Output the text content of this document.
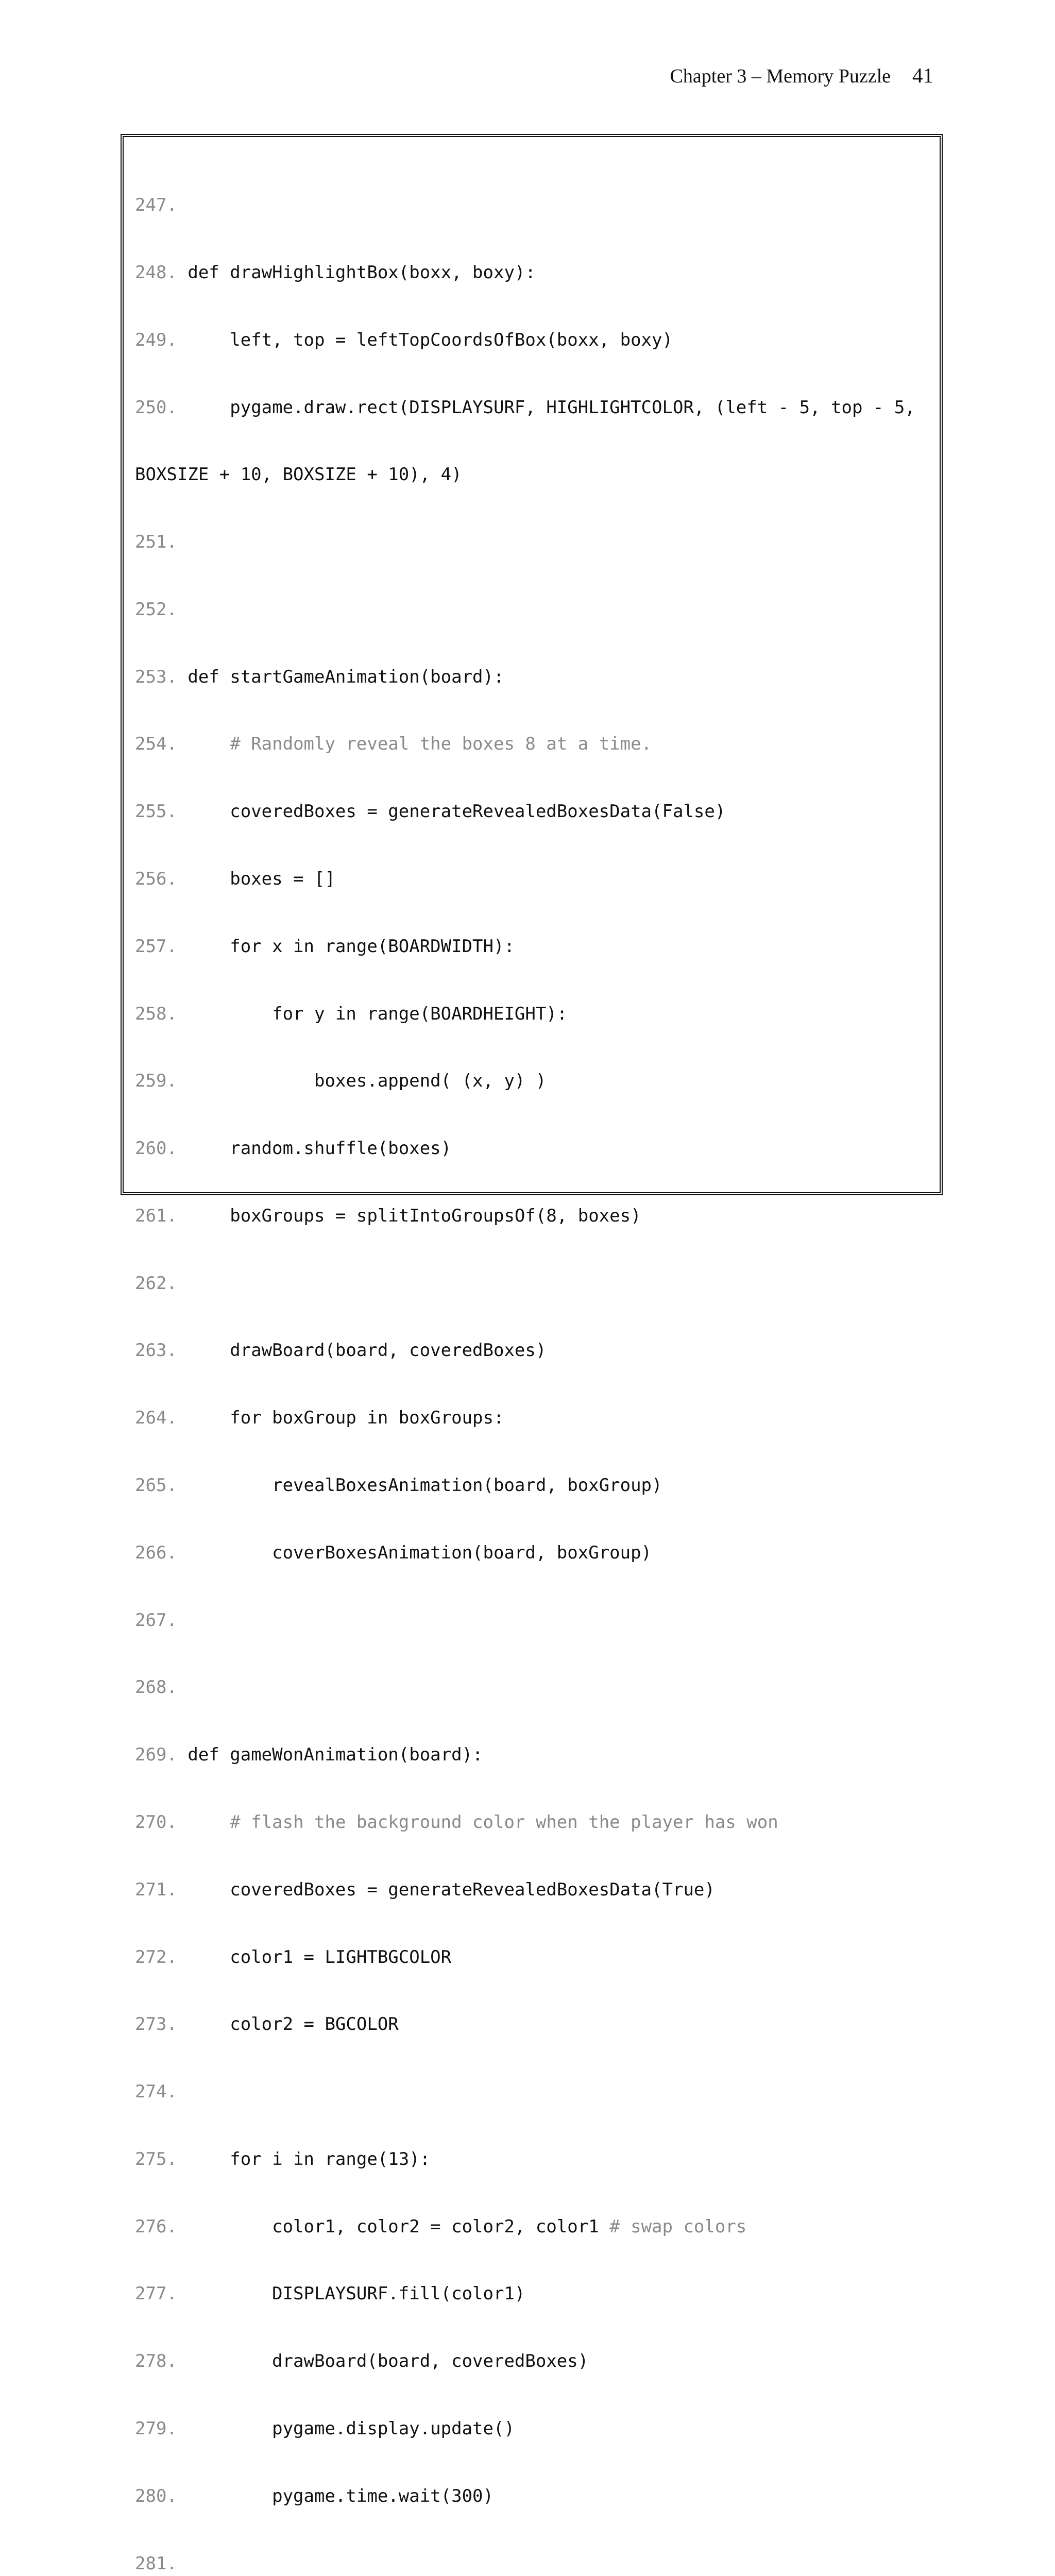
Chapter 3 – Memory Puzzle 41

247.

248. def drawHighlightBox(boxx, boxy):

249.     left, top = leftTopCoordsOfBox(boxx, boxy)

250.     pygame.draw.rect(DISPLAYSURF, HIGHLIGHTCOLOR, (left - 5, top - 5,

BOXSIZE + 10, BOXSIZE + 10), 4)

251.

252.

253. def startGameAnimation(board):

254.	# Randomly reveal the boxes 8 at a time.

255.     coveredBoxes = generateRevealedBoxesData(False)

256.     boxes = []

257.     for x in range(BOARDWIDTH):

258.         for y in range(BOARDHEIGHT):

259.             boxes.append( (x, y) )

260.     random.shuffle(boxes)

261.     boxGroups = splitIntoGroupsOf(8, boxes)

262.

263.     drawBoard(board, coveredBoxes)

264.     for boxGroup in boxGroups:

265.         revealBoxesAnimation(board, boxGroup)

266.         coverBoxesAnimation(board, boxGroup)

267.

268.

269. def gameWonAnimation(board):

270.	# flash the background color when the player has won

271.     coveredBoxes = generateRevealedBoxesData(True)

272.     color1 = LIGHTBGCOLOR

273.     color2 = BGCOLOR

274.

275.     for i in range(13):

276.         color1, color2 = color2, color1 # swap colors

277.         DISPLAYSURF.fill(color1)

278.         drawBoard(board, coveredBoxes)

279.         pygame.display.update()

280.         pygame.time.wait(300)

281.
